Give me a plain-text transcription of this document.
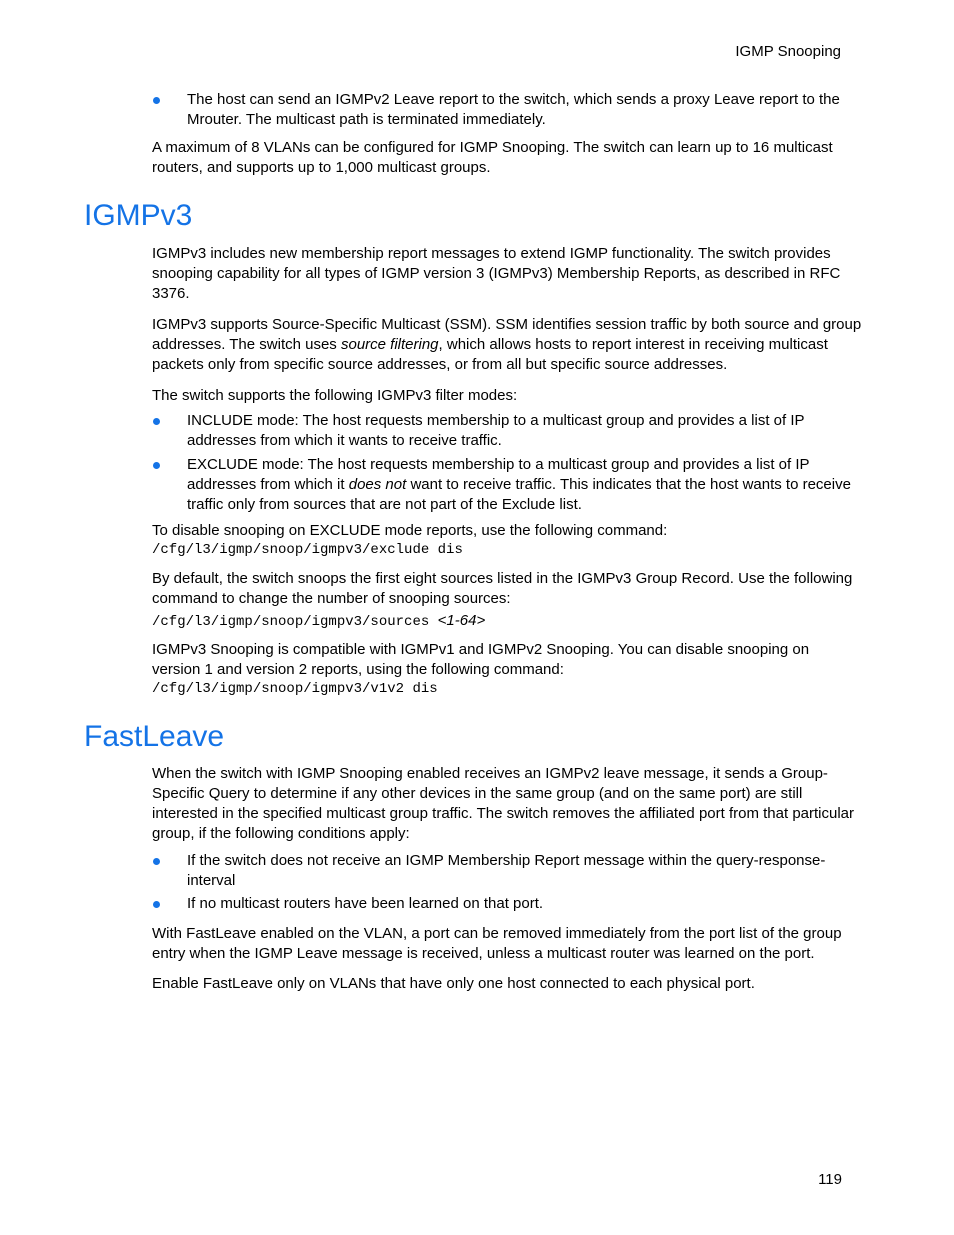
IGMP Snooping

The host can send an IGMPv2 Leave report to the switch, which sends a proxy Leave report to the Mrouter. The multicast path is terminated immediately.

A maximum of 8 VLANs can be configured for IGMP Snooping. The switch can learn up to 16 multicast routers, and supports up to 1,000 multicast groups.
IGMPv3
IGMPv3 includes new membership report messages to extend IGMP functionality. The switch provides snooping capability for all types of IGMP version 3 (IGMPv3) Membership Reports, as described in RFC 3376.
IGMPv3 supports Source-Specific Multicast (SSM). SSM identifies session traffic by both source and group addresses. The switch uses source filtering, which allows hosts to report interest in receiving multicast packets only from specific source addresses, or from all but specific source addresses.
The switch supports the following IGMPv3 filter modes:

INCLUDE mode: The host requests membership to a multicast group and provides a list of IP addresses from which it wants to receive traffic.

EXCLUDE mode: The host requests membership to a multicast group and provides a list of IP addresses from which it does not want to receive traffic. This indicates that the host wants to receive traffic only from sources that are not part of the Exclude list.

To disable snooping on EXCLUDE mode reports, use the following command:
/cfg/l3/igmp/snoop/igmpv3/exclude dis
By default, the switch snoops the first eight sources listed in the IGMPv3 Group Record. Use the following command to change the number of snooping sources:
/cfg/l3/igmp/snoop/igmpv3/sources <1-64>
IGMPv3 Snooping is compatible with IGMPv1 and IGMPv2 Snooping. You can disable snooping on version 1 and version 2 reports, using the following command:
/cfg/l3/igmp/snoop/igmpv3/v1v2 dis
FastLeave
When the switch with IGMP Snooping enabled receives an IGMPv2 leave message, it sends a Group-Specific Query to determine if any other devices in the same group (and on the same port) are still interested in the specified multicast group traffic. The switch removes the affiliated port from that particular group, if the following conditions apply:

If the switch does not receive an IGMP Membership Report message within the query-response-interval

If no multicast routers have been learned on that port.

With FastLeave enabled on the VLAN, a port can be removed immediately from the port list of the group entry when the IGMP Leave message is received, unless a multicast router was learned on the port.
Enable FastLeave only on VLANs that have only one host connected to each physical port.
119
